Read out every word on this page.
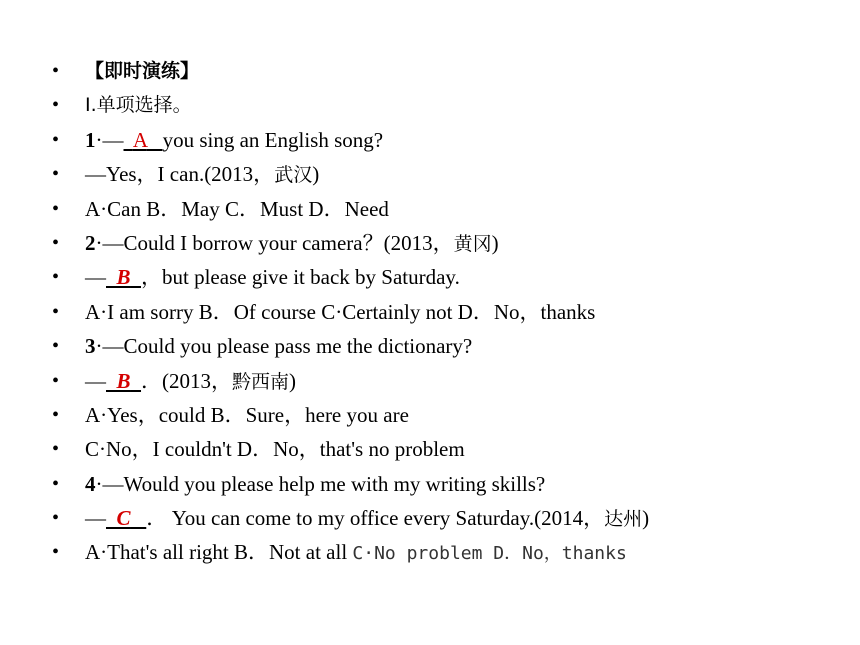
•	【即时演练】
•	Ⅰ.单项选择。
•	1·— A you sing an English song?
•	—Yes，I can.(2013，武汉)
•	A·Can B．May C．Must D．Need
•	2·—Could I borrow your camera？(2013，黄冈)
•	— B ，but please give it back by Saturday.
•	A·I am sorry B．Of course C·Certainly not D．No，thanks
•	3·—Could you please pass me the dictionary?
•	— B ．(2013，黔西南)
•	A·Yes，could B．Sure，here you are
•	C·No，I couldn't D．No，that's no problem
•	4·—Would you please help me with my writing skills?
•	— C ． You can come to my office every Saturday.(2014，达州)
•	A·That's all right B．Not at all C·No problem D．No，thanks
